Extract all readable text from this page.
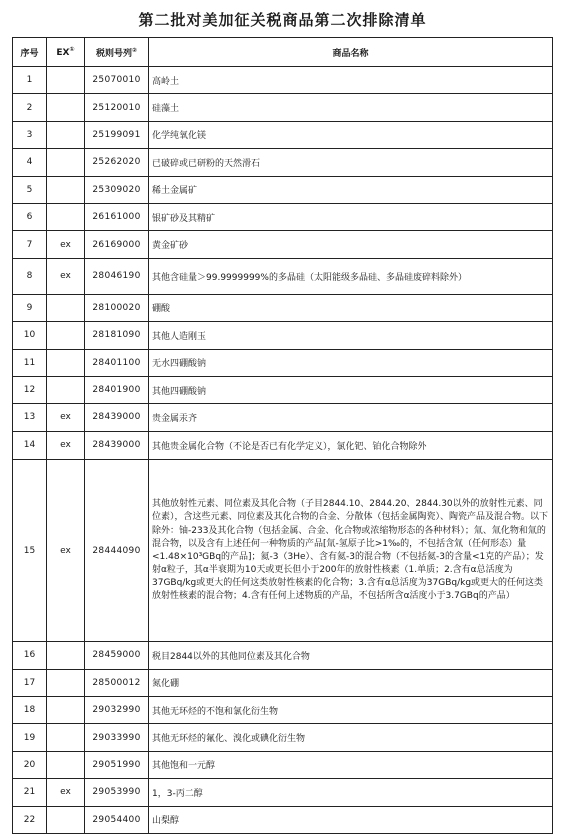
第二批对美加征关税商品第二次排除清单
序号	EX①	税则号列②	商品名称
1		25070010	高岭土
2		25120010	硅藻土
3		25199091	化学纯氧化镁
4		25262020	已破碎或已研粉的天然滑石
5		25309020	稀土金属矿
6		26161000	银矿砂及其精矿
7	ex	26169000	黄金矿砂
8	ex	28046190	其他含硅量＞99.9999999%的多晶硅（太阳能级多晶硅、多晶硅废碎料除外）
9		28100020	硼酸
10		28181090	其他人造刚玉
11		28401100	无水四硼酸钠
12		28401900	其他四硼酸钠
13	ex	28439000	贵金属汞齐
14	ex	28439000	其他贵金属化合物（不论是否已有化学定义），氯化钯、铂化合物除外
15	ex	28444090	其他放射性元素、同位素及其化合物（子目2844.10、2844.20、2844.30以外的放射性元素、同位素），含这些元素、同位素及其化合物的合金、分散体（包括金属陶瓷）、陶瓷产品及混合物。以下除外：铀-233及其化合物（包括金属、合金、化合物或浓缩物形态的各种材料）；氚、氚化物和氚的混合物，以及含有上述任何一种物质的产品[氚-氢原子比>1‰的，不包括含氚（任何形态）量<1.48×10³GBq的产品]；氦-3（3He）、含有氦-3的混合物（不包括氦-3的含量<1克的产品）；发射α粒子，其α半衰期为10天或更长但小于200年的放射性核素（1.单质；2.含有α总活度为37GBq/kg或更大的任何这类放射性核素的化合物；3.含有α总活度为37GBq/kg或更大的任何这类放射性核素的混合物；4.含有任何上述物质的产品，不包括所含α活度小于3.7GBq的产品）
16		28459000	税目2844以外的其他同位素及其化合物
17		28500012	氮化硼
18		29032990	其他无环烃的不饱和氯化衍生物
19		29033990	其他无环烃的氟化、溴化或碘化衍生物
20		29051990	其他饱和一元醇
21	ex	29053990	1，3-丙二醇
22		29054400	山梨醇
